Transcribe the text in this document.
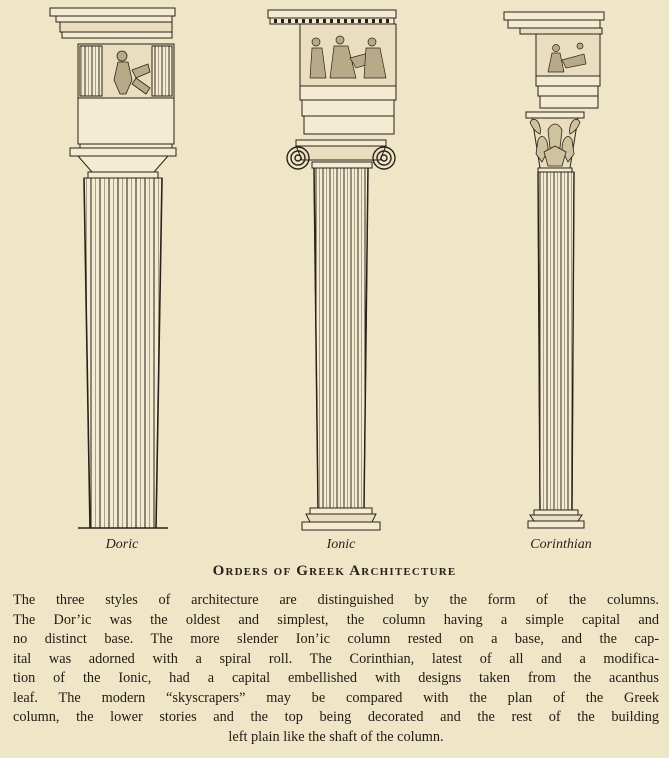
Doric	Ionic	Corinthian
Orders of Greek Architecture
The three styles of architecture are distinguished by the form of the columns.
The Dor’ic was the oldest and simplest, the column having a simple capital and
no distinct base. The more slender Ion’ic column rested on a base, and the cap-
ital was adorned with a spiral roll. The Corinthian, latest of all and a modifica-
tion of the Ionic, had a capital embellished with designs taken from the acanthus
leaf. The modern “skyscrapers” may be compared with the plan of the Greek
column, the lower stories and the top being decorated and the rest of the building
left plain like the shaft of the column.
